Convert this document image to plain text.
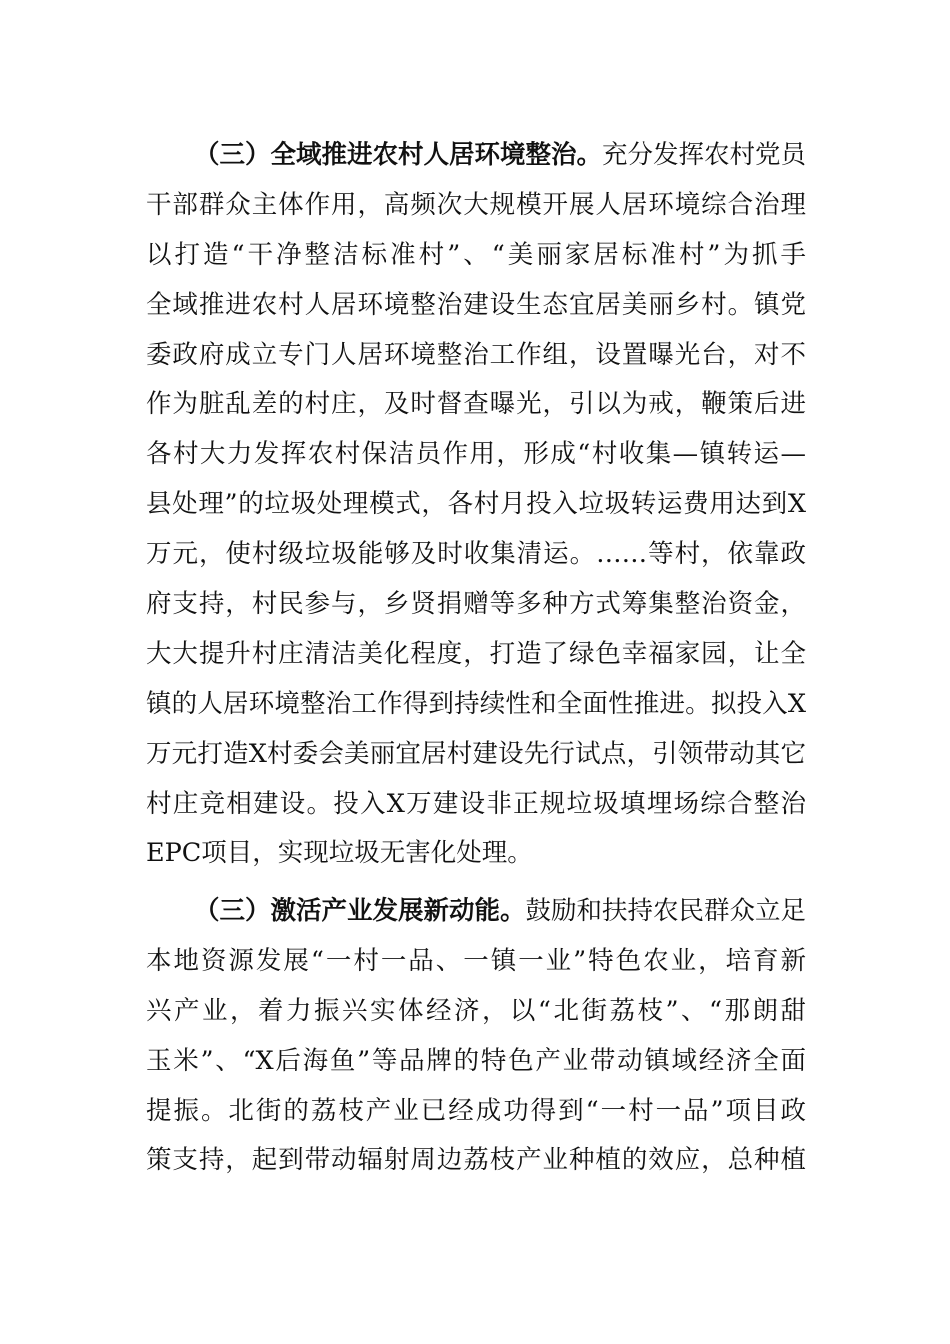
（三）全域推进农村人居环境整治。充分发挥农村党员
干部群众主体作用，高频次大规模开展人居环境综合治理
以打造“干净整洁标准村”、“美丽家居标准村”为抓手
全域推进农村人居环境整治建设生态宜居美丽乡村。镇党
委政府成立专门人居环境整治工作组，设置曝光台，对不
作为脏乱差的村庄，及时督查曝光，引以为戒，鞭策后进
各村大力发挥农村保洁员作用，形成“村收集—镇转运—
县处理”的垃圾处理模式，各村月投入垃圾转运费用达到X
万元，使村级垃圾能够及时收集清运。……等村，依靠政
府支持，村民参与，乡贤捐赠等多种方式筹集整治资金，
大大提升村庄清洁美化程度，打造了绿色幸福家园，让全
镇的人居环境整治工作得到持续性和全面性推进。拟投入X
万元打造X村委会美丽宜居村建设先行试点，引领带动其它
村庄竞相建设。投入X万建设非正规垃圾填埋场综合整治
EPC项目，实现垃圾无害化处理。
（三）激活产业发展新动能。鼓励和扶持农民群众立足
本地资源发展“一村一品、一镇一业”特色农业，培育新
兴产业，着力振兴实体经济，以“北街荔枝”、“那朗甜
玉米”、“X后海鱼”等品牌的特色产业带动镇域经济全面
提振。北街的荔枝产业已经成功得到“一村一品”项目政
策支持，起到带动辐射周边荔枝产业种植的效应，总种植
